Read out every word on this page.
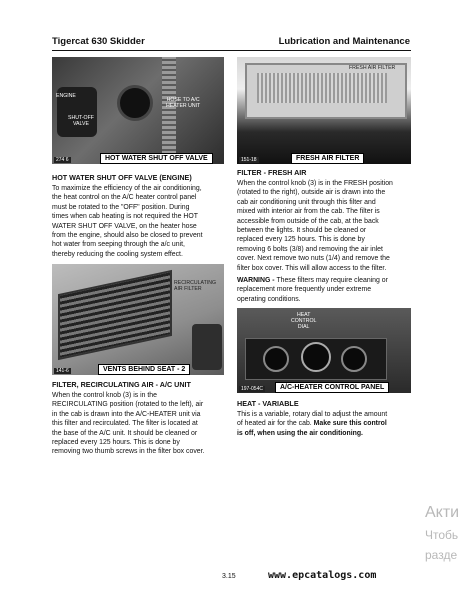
Tigercat 630 Skidder	Lubrication and Maintenance
ENGINE
HOSE TO A/C
HEATER UNIT
SHUT-OFF
VALVE
274 6	HOT WATER SHUT OFF VALVE
FRESH AIR FILTER
151-18	FRESH AIR FILTER
HOT WATER SHUT OFF VALVE (ENGINE)
To maximize the efficiency of the air conditioning,
the heat control on the A/C heater control panel
must be rotated to the "OFF" position. During
times when cab heating is not required the HOT
WATER SHUT OFF VALVE, on the heater hose
from the engine, should also be closed to prevent
hot water from seeping through the a/c unit,
thereby reducing the cooling system effect.
RECIRCULATING
AIR FILTER
141-6	VENTS BEHIND SEAT - 2
FILTER, RECIRCULATING AIR - A/C UNIT
When the control knob (3) is in the
RECIRCULATING position (rotated to the left), air
in the cab is drawn into the A/C-HEATER unit via
this filter and recirculated. The filter is located at
the base of the A/C unit. It should be cleaned or
replaced every 125 hours. This is done by
removing two thumb screws in the filter box cover.
FILTER - FRESH AIR
When the control knob (3) is in the FRESH position
(rotated to the right), outside air is drawn into the
cab air conditioning unit through this filter and
mixed with interior air from the cab. The filter is
accessible from outside of the cab, at the back
between the lights. It should be cleaned or
replaced every 125 hours. This is done by
removing 6 bolts (3/8) and removing the air inlet
cover. Next remove two nuts (1/4) and remove the
filter box cover. This will allow access to the filter.
WARNING - These filters may require cleaning or
replacement more frequently under extreme
operating conditions.
HEAT
CONTROL
DIAL
197-054C	A/C-HEATER CONTROL PANEL
HEAT - VARIABLE
This is a variable, rotary dial to adjust the amount
of heated air for the cab. Make sure this control
is off, when using the air conditioning.
3.15	www.epcatalogs.com
Акти
Чтобь
разде
